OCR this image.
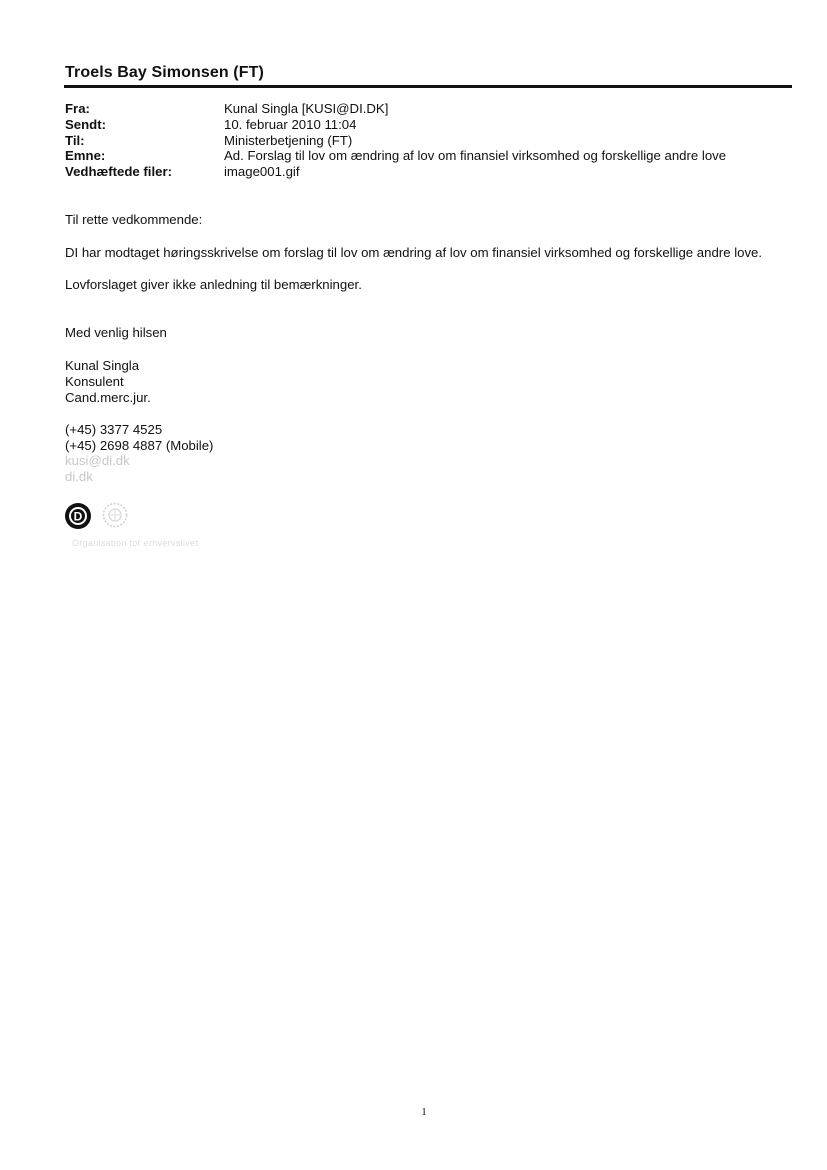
Troels Bay Simonsen (FT)
Fra:	Kunal Singla [KUSI@DI.DK]
Sendt:	10. februar 2010 11:04
Til:	Ministerbetjening (FT)
Emne:	Ad. Forslag til lov om ændring af lov om finansiel virksomhed og forskellige andre love
Vedhæftede filer:	image001.gif
Til rette vedkommende:
DI har modtaget høringsskrivelse om forslag til lov om ændring af lov om finansiel virksomhed og forskellige andre love.
Lovforslaget giver ikke anledning til bemærkninger.
Med venlig hilsen
Kunal Singla
Konsulent
Cand.merc.jur.
(+45) 3377 4525
(+45) 2698 4887 (Mobile)
kusi@di.dk
di.dk
D
Organisation for erhvervslivet
1
